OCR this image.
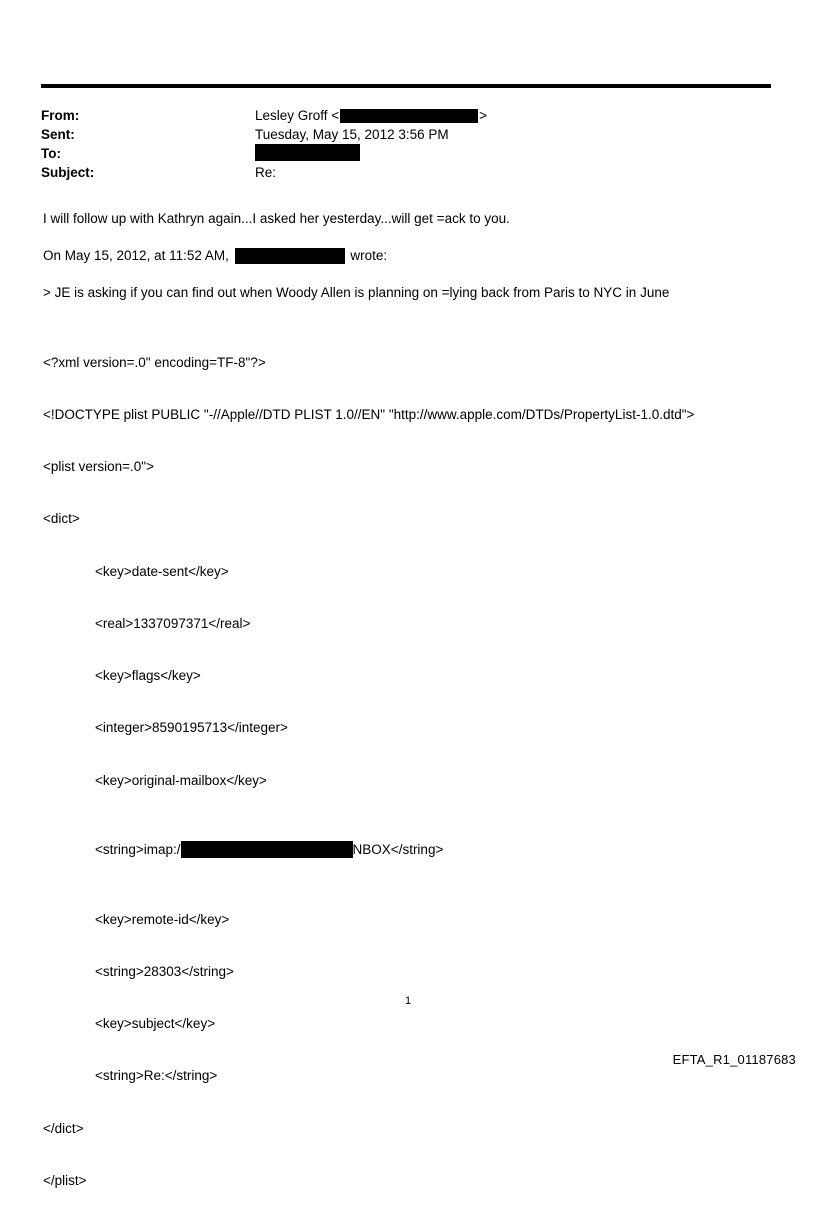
From:	Lesley Groff <	>
Sent:	Tuesday, May 15, 2012 3:56 PM
To:
Subject:	Re:
I will follow up with Kathryn again...I asked her yesterday...will get =ack to you.
On May 15, 2012, at 11:52 AM,	wrote:
> JE is asking if you can find out when Woody Allen is planning on =lying back from Paris to NYC in June

<?xml version=.0" encoding=TF-8"?>

<!DOCTYPE plist PUBLIC "-//Apple//DTD PLIST 1.0//EN" "http://www.apple.com/DTDs/PropertyList-1.0.dtd">

<plist version=.0">

<dict>

<key>date-sent</key>

<real>1337097371</real>

<key>flags</key>

<integer>8590195713</integer>

<key>original-mailbox</key>

<string>imap:/	NBOX</string>

<key>remote-id</key>

<string>28303</string>

<key>subject</key>

<string>Re:</string>

</dict>

</plist>

1
EFTA_R1_01187683
